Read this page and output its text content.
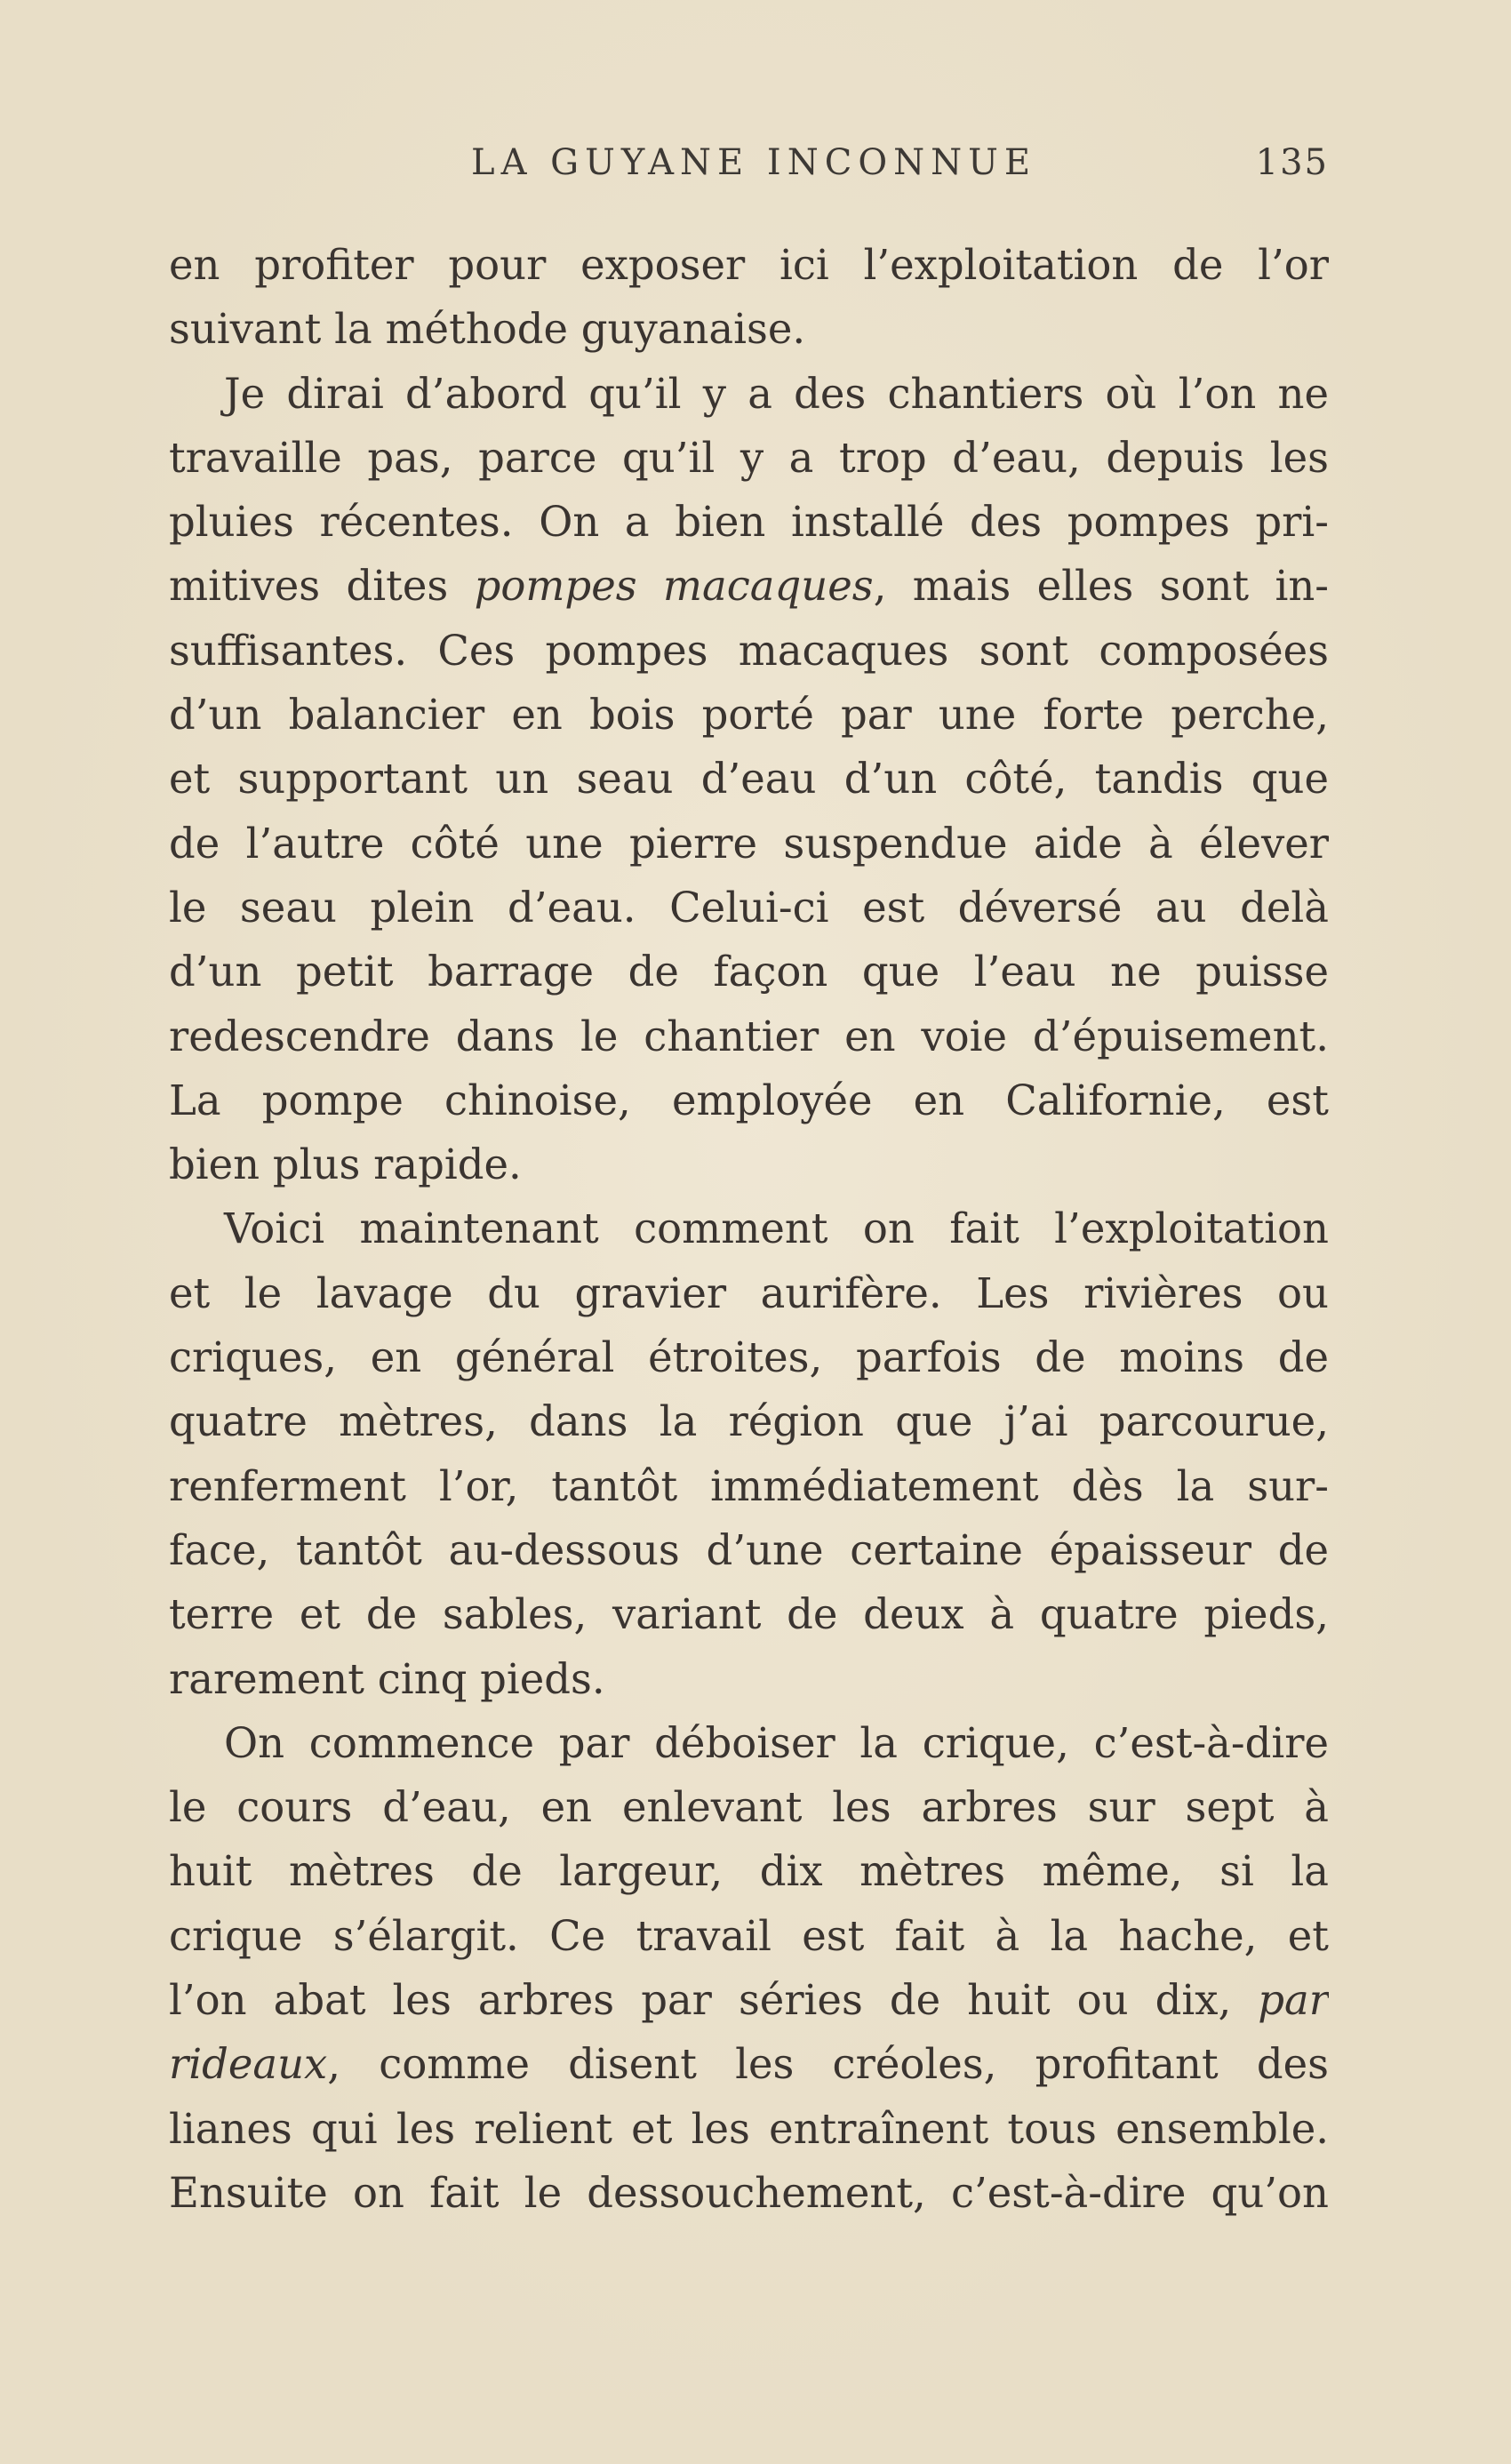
LA GUYANE INCONNUE	135
en profiter pour exposer ici l’exploitation de l’or
suivant la méthode guyanaise.
Je dirai d’abord qu’il y a des chantiers où l’on ne
travaille pas, parce qu’il y a trop d’eau, depuis les
pluies récentes. On a bien installé des pompes pri-
mitives dites pompes macaques, mais elles sont in-
suffisantes. Ces pompes macaques sont composées
d’un balancier en bois porté par une forte perche,
et supportant un seau d’eau d’un côté, tandis que
de l’autre côté une pierre suspendue aide à élever
le seau plein d’eau. Celui-ci est déversé au delà
d’un petit barrage de façon que l’eau ne puisse
redescendre dans le chantier en voie d’épuisement.
La pompe chinoise, employée en Californie, est
bien plus rapide.
Voici maintenant comment on fait l’exploitation
et le lavage du gravier aurifère. Les rivières ou
criques, en général étroites, parfois de moins de
quatre mètres, dans la région que j’ai parcourue,
renferment l’or, tantôt immédiatement dès la sur-
face, tantôt au-dessous d’une certaine épaisseur de
terre et de sables, variant de deux à quatre pieds,
rarement cinq pieds.
On commence par déboiser la crique, c’est-à-dire
le cours d’eau, en enlevant les arbres sur sept à
huit mètres de largeur, dix mètres même, si la
crique s’élargit. Ce travail est fait à la hache, et
l’on abat les arbres par séries de huit ou dix, par
rideaux, comme disent les créoles, profitant des
lianes qui les relient et les entraînent tous ensemble.
Ensuite on fait le dessouchement, c’est-à-dire qu’on
